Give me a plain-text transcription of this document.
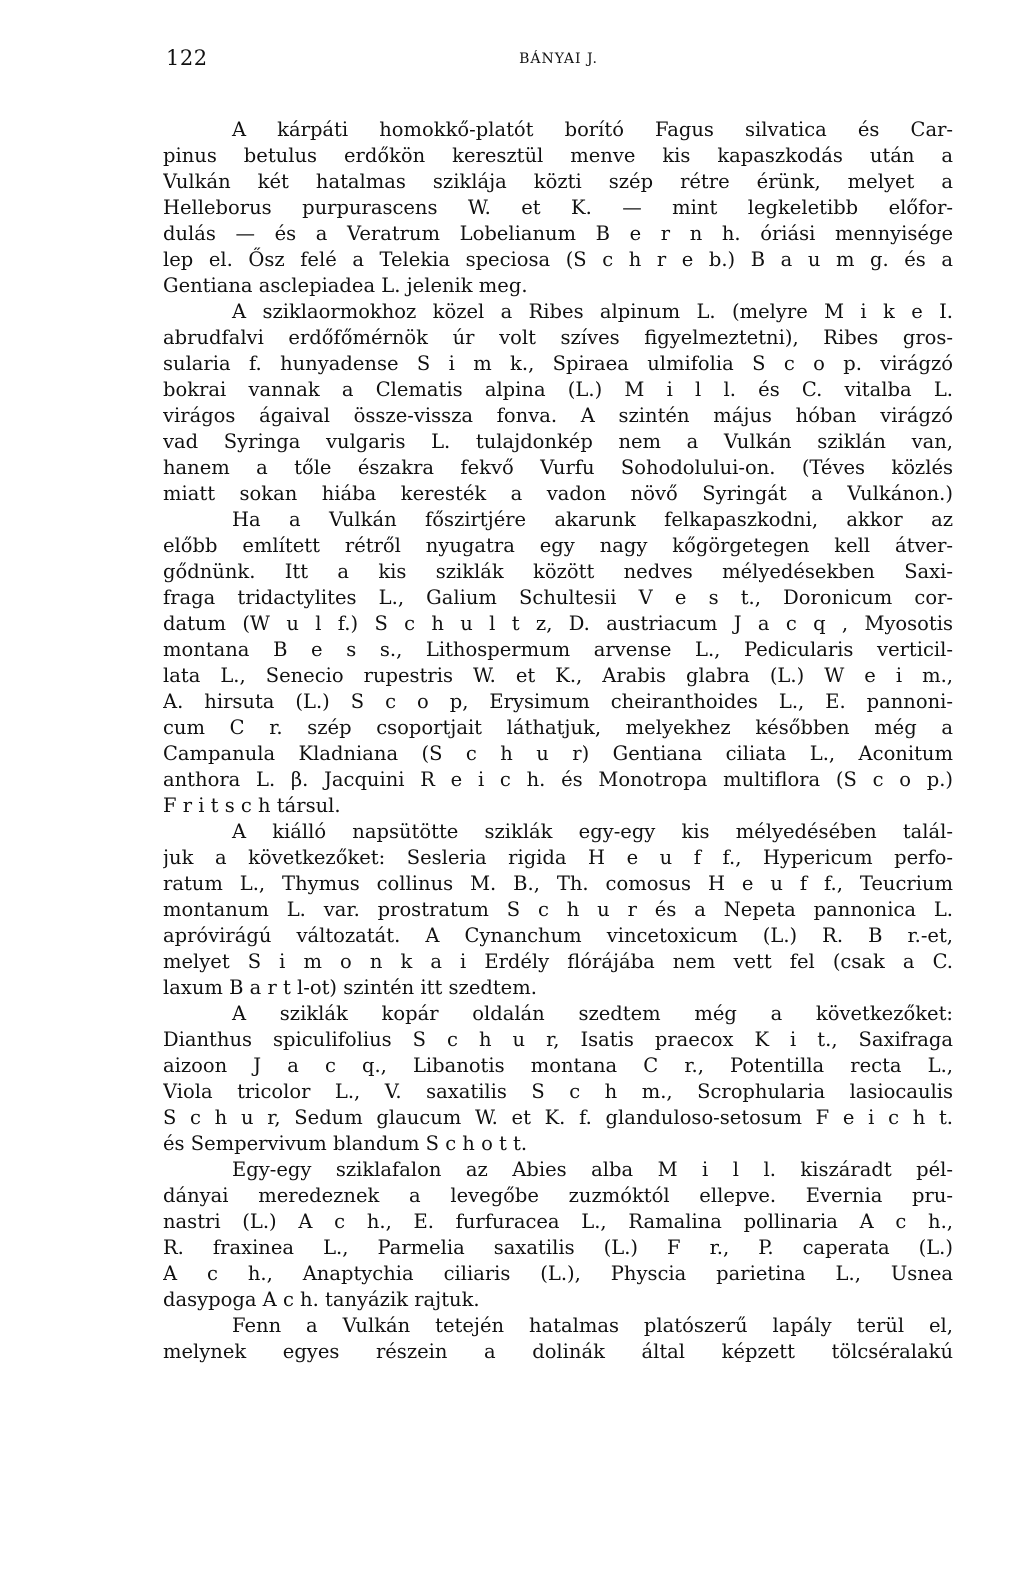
122	BÁNYAI J.
A kárpáti homokkő-platót borító Fagus silvatica és Car-
pinus betulus erdőkön keresztül menve kis kapaszkodás után a
Vulkán két hatalmas sziklája közti szép rétre érünk, melyet a
Helleborus purpurascens W. et K. — mint legkeletibb előfor-
dulás — és a Veratrum Lobelianum B e r n h. óriási mennyisége
lep el. Ősz felé a Telekia speciosa (S c h r e b.) B a u m g. és a
Gentiana asclepiadea L. jelenik meg.
A sziklaormokhoz közel a Ribes alpinum L. (melyre M i k e I.
abrudfalvi erdőfőmérnök úr volt szíves figyelmeztetni), Ribes gros-
sularia f. hunyadense S i m k., Spiraea ulmifolia S c o p. virágzó
bokrai vannak a Clematis alpina (L.) M i l l. és C. vitalba L.
virágos ágaival össze-vissza fonva. A szintén május hóban virágzó
vad Syringa vulgaris L. tulajdonkép nem a Vulkán sziklán van,
hanem a tőle északra fekvő Vurfu Sohodolului-on. (Téves közlés
miatt sokan hiába keresték a vadon növő Syringát a Vulkánon.)
Ha a Vulkán főszirtjére akarunk felkapaszkodni, akkor az
előbb említett rétről nyugatra egy nagy kőgörgetegen kell átver-
gődnünk. Itt a kis sziklák között nedves mélyedésekben Saxi-
fraga tridactylites L., Galium Schultesii V e s t., Doronicum cor-
datum (W u l f.) S c h u l t z, D. austriacum J a c q , Myosotis
montana B e s s., Lithospermum arvense L., Pedicularis verticil-
lata L., Senecio rupestris W. et K., Arabis glabra (L.) W e i m.,
A. hirsuta (L.) S c o p, Erysimum cheiranthoides L., E. pannoni-
cum C r. szép csoportjait láthatjuk, melyekhez későbben még a
Campanula Kladniana (S c h u r) Gentiana ciliata L., Aconitum
anthora L. β. Jacquini R e i c h. és Monotropa multiflora (S c o p.)
F r i t s c h társul.
A kiálló napsütötte sziklák egy-egy kis mélyedésében talál-
juk a következőket: Sesleria rigida H e u f f., Hypericum perfo-
ratum L., Thymus collinus M. B., Th. comosus H e u f f., Teucrium
montanum L. var. prostratum S c h u r és a Nepeta pannonica L.
apróvirágú változatát. A Cynanchum vincetoxicum (L.) R. B r.-et,
melyet S i m o n k a i Erdély flórájába nem vett fel (csak a C.
laxum B a r t l-ot) szintén itt szedtem.
A sziklák kopár oldalán szedtem még a következőket:
Dianthus spiculifolius S c h u r, Isatis praecox K i t., Saxifraga
aizoon J a c q., Libanotis montana C r., Potentilla recta L.,
Viola tricolor L., V. saxatilis S c h m., Scrophularia lasiocaulis
S c h u r, Sedum glaucum W. et K. f. glanduloso-setosum F e i c h t.
és Sempervivum blandum S c h o t t.
Egy-egy sziklafalon az Abies alba M i l l. kiszáradt pél-
dányai meredeznek a levegőbe zuzmóktól ellepve. Evernia pru-
nastri (L.) A c h., E. furfuracea L., Ramalina pollinaria A c h.,
R. fraxinea L., Parmelia saxatilis (L.) F r., P. caperata (L.)
A c h., Anaptychia ciliaris (L.), Physcia parietina L., Usnea
dasypoga A c h. tanyázik rajtuk.
Fenn a Vulkán tetején hatalmas platószerű lapály terül el,
melynek egyes részein a dolinák által képzett tölcséralakú
